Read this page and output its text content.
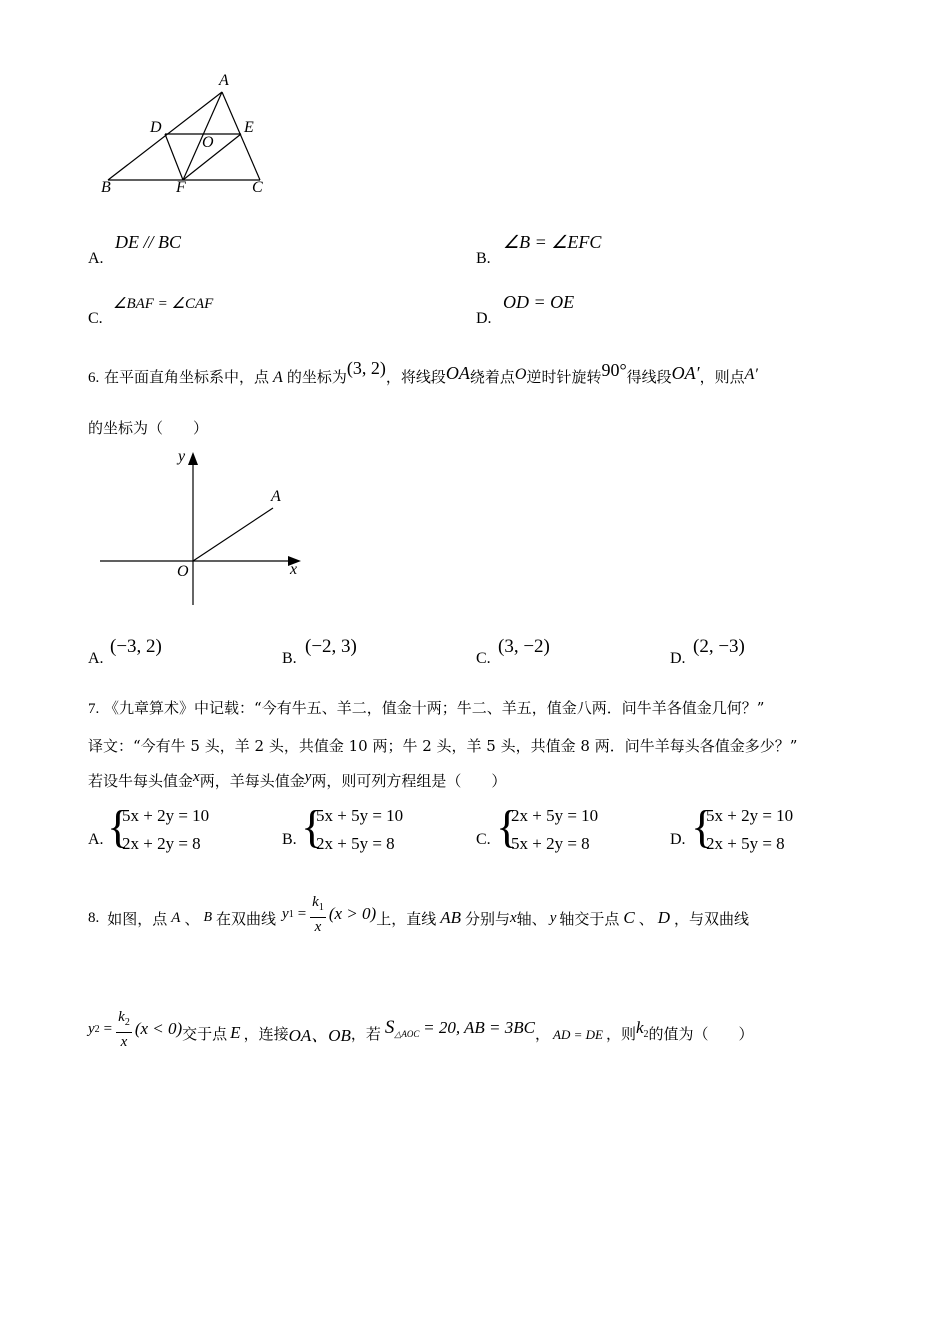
A
D	E
O
B	F	C
A.
DE // BC
B.
∠B = ∠EFC
C.
∠BAF = ∠CAF
D.
OD = OE
6. 在平面直角坐标系中，点 A 的坐标为(3, 2)，将线段OA绕着点O逆时针旋转90°得线段OA′，则点A′
的坐标为（　　）
y
A
O	x
A.
(−3, 2)
B.
(−2, 3)
C.
(3, −2)
D.
(2, −3)
7. 《九章算术》中记载：“今有牛五、羊二，值金十两；牛二、羊五，值金八两．问牛羊各值金几何？”
译文：“今有牛 5 头，羊 2 头，共值金 10 两；牛 2 头，羊 5 头，共值金 8 两．问牛羊每头各值金多少？”
若设牛每头值金x两，羊每头值金y两，则可列方程组是（　　）
A. {
5x + 2y = 10
2x + 2y = 8	B. {
5x + 5y = 10
2x + 5y = 8	C. {
2x + 5y = 10
5x + 2y = 8	D. {
5x + 2y = 10
2x + 5y = 8
8. 如图，点 A 、 B 在双曲线 y $1 = \frac{k_1}{x} (x > 0)$ 上，直线 AB 分别与 x 轴、 y 轴交于点 C 、 D ，与双曲线
y $2 = \frac{k_2}{x} (x < 0)$ 交于点 E ，连接 OA、OB ，若 $S_{\triangle AOC} = 20$, AB = 3BC ， AD = DE ，则 $k_2$ 的值为（　　）
